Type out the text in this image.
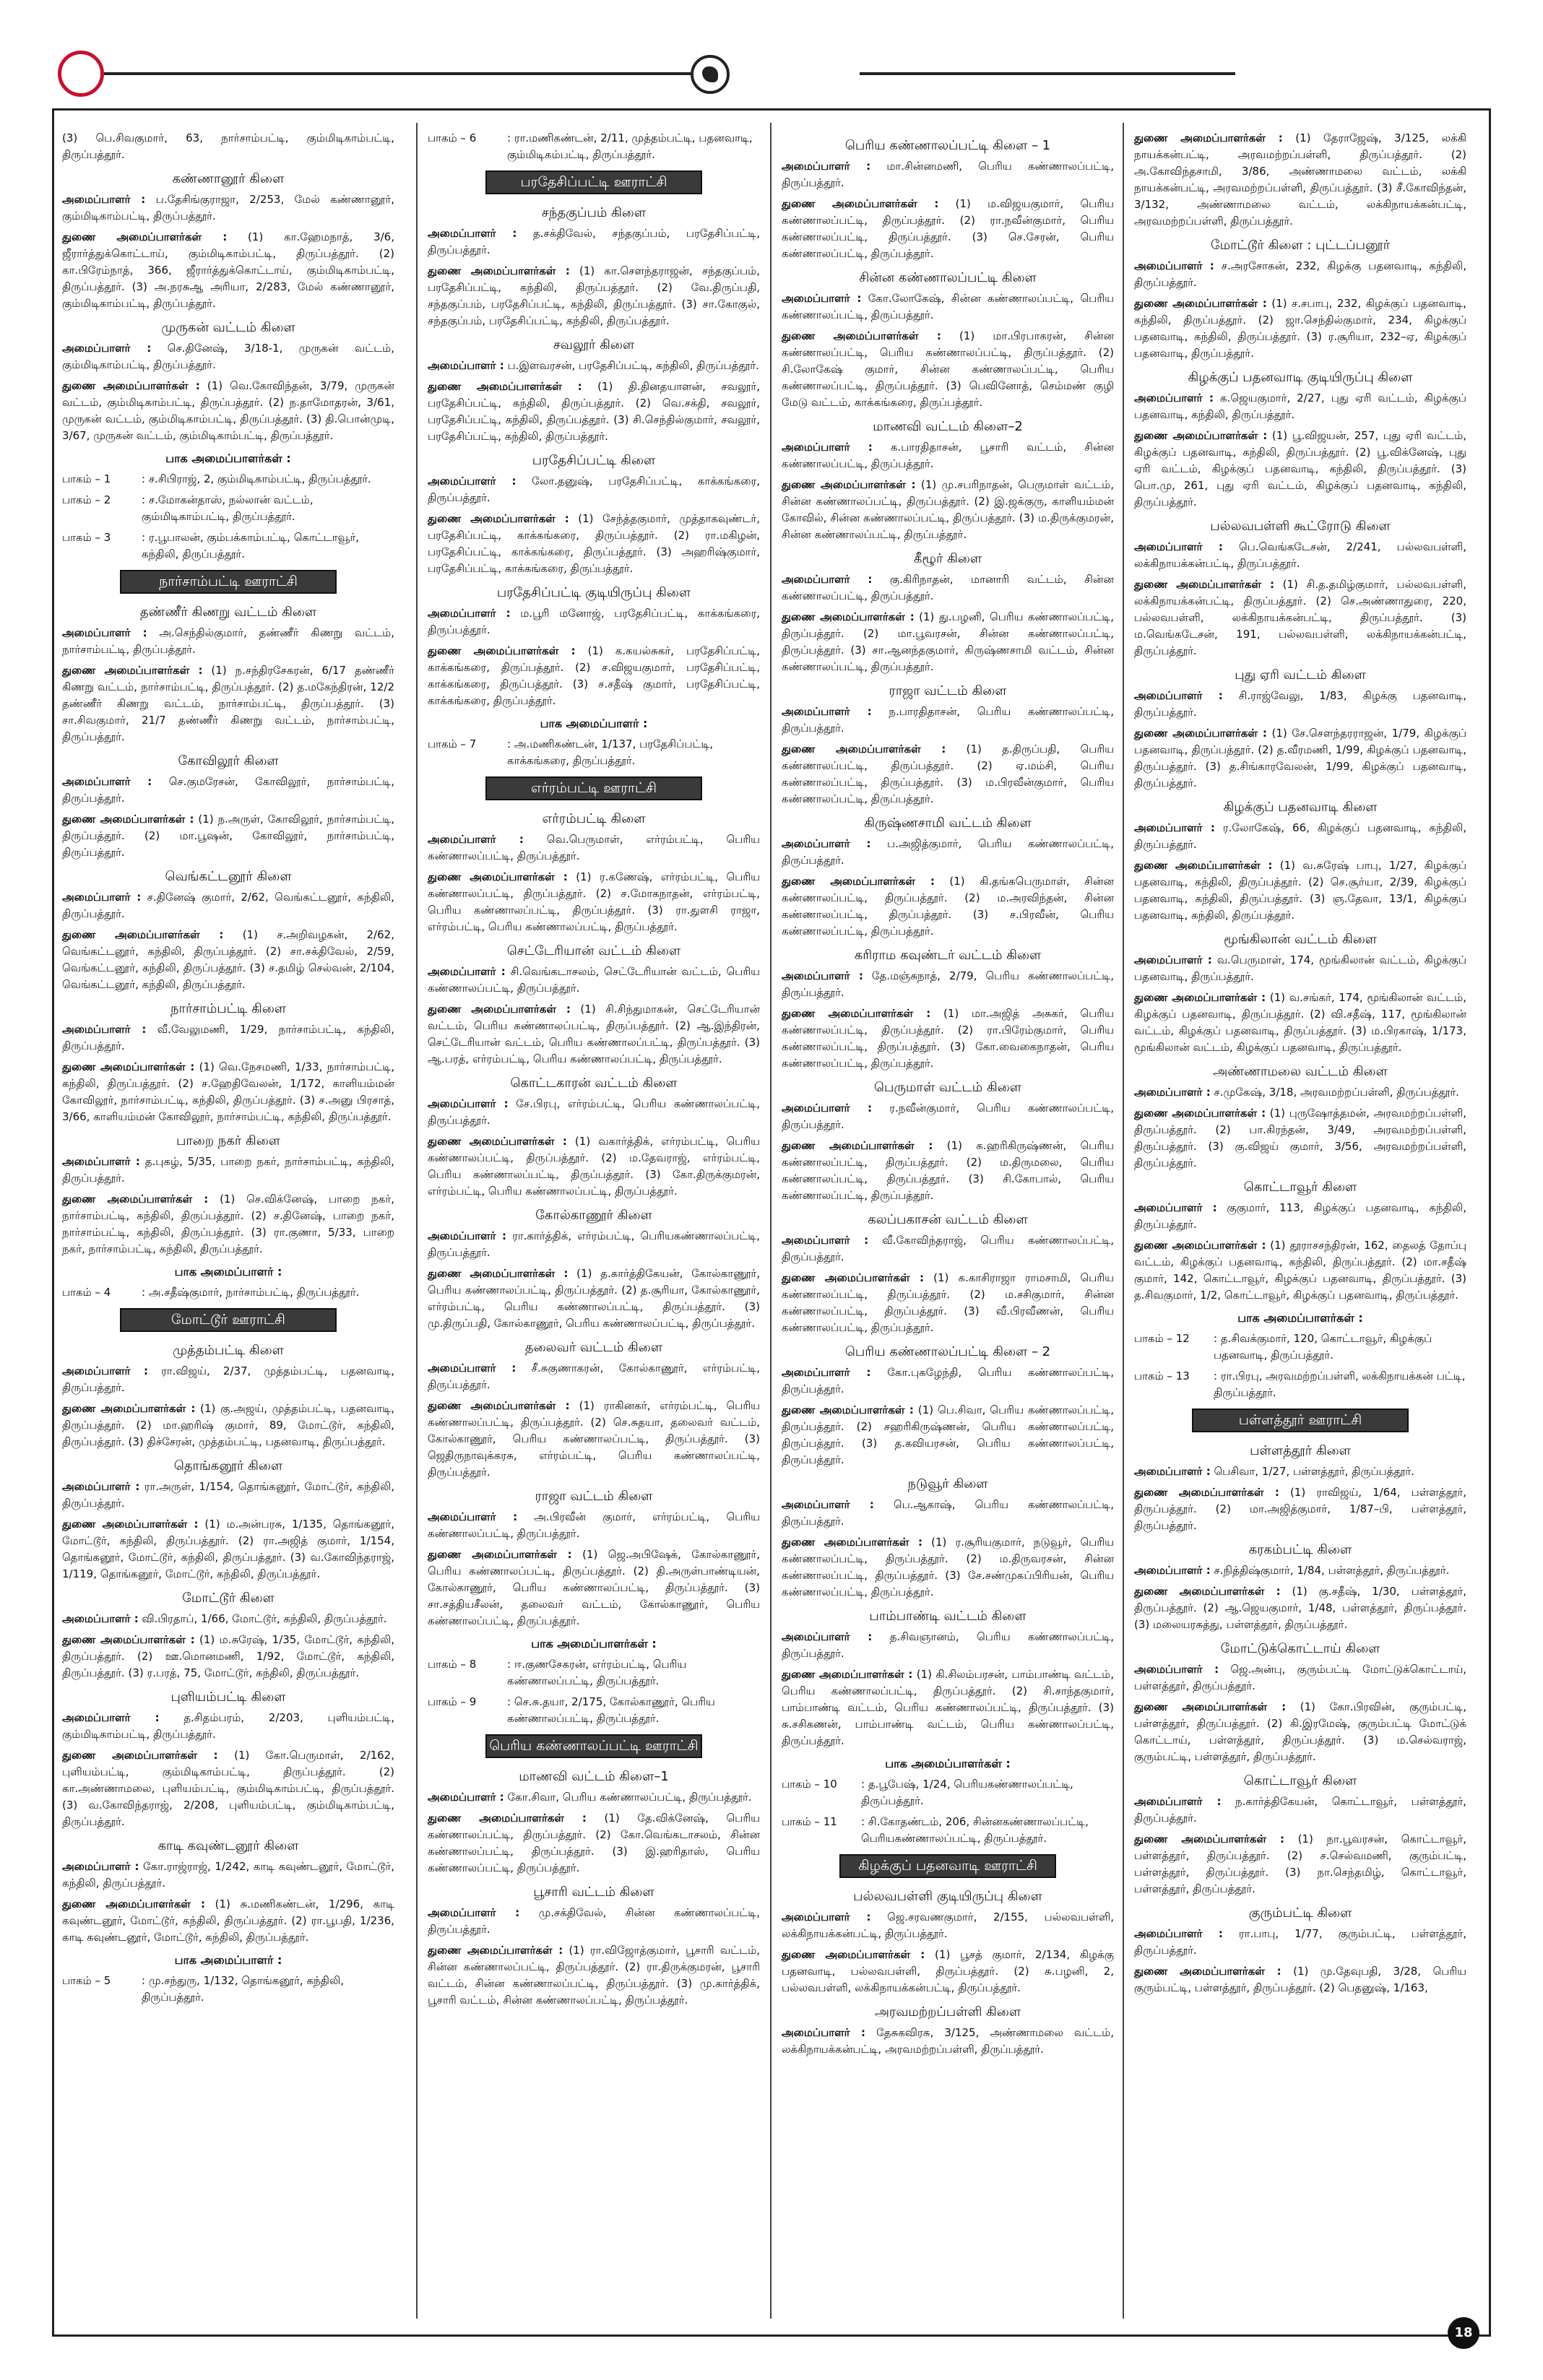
(3) பெ.சிவகுமார், 63, நார்சாம்பட்டி, கும்மிடிகாம்பட்டி, திருப்பத்தூர்.

கண்ணானூர் கிளை

அமைப்பாளர் : ப.தேசிங்குராஜா, 2/253, மேல் கண்ணானூர், கும்மிடிகாம்பட்டி, திருப்பத்தூர்.

துணை அமைப்பாளர்கள் : (1) கா.ஹேமநாத், 3/6, ஜீரார்த்துக்கொட்டாய், கும்மிடிகாம்பட்டி, திருப்பத்தூர். (2) கா.பிரேம்நாத், 366, ஜீரார்த்துக்கொட்டாய், கும்மிடிகாம்பட்டி, திருப்பத்தூர். (3) அ.நரசுஆ அரியா, 2/283, மேல் கண்ணானூர், கும்மிடிகாம்பட்டி, திருப்பத்தூர்.

முருகன் வட்டம் கிளை

அமைப்பாளர் : செ.தினேஷ், 3/18-1, முருகன் வட்டம், கும்மிடிகாம்பட்டி, திருப்பத்தூர்.

துணை அமைப்பாளர்கள் : (1) வெ.கோவிந்தன், 3/79, முருகன் வட்டம், கும்மிடிகாம்பட்டி, திருப்பத்தூர். (2) ந.தாமோதரன், 3/61, முருகன் வட்டம், கும்மிடிகாம்பட்டி, திருப்பத்தூர். (3) தி.பொன்முடி, 3/67, முருகன் வட்டம், கும்மிடிகாம்பட்டி, திருப்பத்தூர்.

பாக அமைப்பாளர்கள் :
பாகம் – 1	: ச.சிபிராஜ், 2, கும்மிடிகாம்பட்டி, திருப்பத்தூர்.
பாகம் – 2	: ச.மோகன்தாஸ், நல்லான் வட்டம், கும்மிடிகாம்பட்டி, திருப்பத்தூர்.
பாகம் – 3	: ர.பூபாலன், கும்பக்காம்பட்டி, கொட்டாவூர், கந்திலி, திருப்பத்தூர்.
நார்சாம்பட்டி ஊராட்சி
தண்ணீர் கிணறு வட்டம் கிளை

அமைப்பாளர் : அ.செந்தில்குமார், தண்ணீர் கிணறு வட்டம், நார்சாம்பட்டி, திருப்பத்தூர்.

துணை அமைப்பாளர்கள் : (1) ந.சந்திரசேகரன், 6/17 தண்ணீர் கிணறு வட்டம், நார்சாம்பட்டி, திருப்பத்தூர். (2) த.மகேந்திரன், 12/2 தண்ணீர் கிணறு வட்டம், நார்சாம்பட்டி, திருப்பத்தூர். (3) சா.சிவகுமார், 21/7 தண்ணீர் கிணறு வட்டம், நார்சாம்பட்டி, திருப்பத்தூர்.

கோவிலூர் கிளை

அமைப்பாளர் : செ.குமரேசன், கோவிலூர், நார்சாம்பட்டி, திருப்பத்தூர்.

துணை அமைப்பாளர்கள் : (1) ந.அருள், கோவிலூர், நார்சாம்பட்டி, திருப்பத்தூர். (2) மா.பூஷன், கோவிலூர், நார்சாம்பட்டி, திருப்பத்தூர்.

வெங்கட்டனூர் கிளை

அமைப்பாளர் : ச.தினேஷ் குமார், 2/62, வெங்கட்டனூர், கந்திலி, திருப்பத்தூர்.

துணை அமைப்பாளர்கள் : (1) ச.அறிவழகன், 2/62, வெங்கட்டனூர், கந்திலி, திருப்பத்தூர். (2) சா.சக்திவேல், 2/59, வெங்கட்டனூர், கந்திலி, திருப்பத்தூர். (3) ச.தமிழ் செல்வன், 2/104, வெங்கட்டனூர், கந்திலி, திருப்பத்தூர்.

நார்சாம்பட்டி கிளை

அமைப்பாளர் : வீ.வேலுமணி, 1/29, நார்சாம்பட்டி, கந்திலி, திருப்பத்தூர்.

துணை அமைப்பாளர்கள் : (1) வெ.நேசமணி, 1/33, நார்சாம்பட்டி, கந்திலி, திருப்பத்தூர். (2) ச.ஹேதிவேலன், 1/172, காளியம்மன் கோவிலூர், நார்சாம்பட்டி, கந்திலி, திருப்பத்தூர். (3) ச.அனு பிரசாத், 3/66, காளியம்மன் கோவிலூர், நார்சாம்பட்டி, கந்திலி, திருப்பத்தூர்.

பாறை நகர் கிளை

அமைப்பாளர் : த.புகழ், 5/35, பாறை நகர், நார்சாம்பட்டி, கந்திலி, திருப்பத்தூர்.

துணை அமைப்பாளர்கள் : (1) செ.விக்னேஷ், பாறை நகர், நார்சாம்பட்டி, கந்திலி, திருப்பத்தூர். (2) ச.தினேஷ், பாறை நகர், நார்சாம்பட்டி, கந்திலி, திருப்பத்தூர். (3) ரா.குணா, 5/33, பாறை நகர், நார்சாம்பட்டி, கந்திலி, திருப்பத்தூர்.

பாக அமைப்பாளர் :
பாகம் – 4	: அ.சதீஷ்குமார், நார்சாம்பட்டி, திருப்பத்தூர்.
மோட்டூர் ஊராட்சி
முத்தம்பட்டி கிளை

அமைப்பாளர் : ரா.விஜய், 2/37, முத்தம்பட்டி, பதனவாடி, திருப்பத்தூர்.

துணை அமைப்பாளர்கள் : (1) கு.அஜய், முத்தம்பட்டி, பதனவாடி, திருப்பத்தூர். (2) மா.ஹரிஷ் குமார், 89, மோட்டூர், கந்திலி, திருப்பத்தூர். (3) திச்சேரன், முத்தம்பட்டி, பதனவாடி, திருப்பத்தூர்.

தொங்கனூர் கிளை

அமைப்பாளர் : ரா.அருள், 1/154, தொங்கனூர், மோட்டூர், கந்திலி, திருப்பத்தூர்.

துணை அமைப்பாளர்கள் : (1) ம.அன்பரசு, 1/135, தொங்கனூர், மோட்டூர், கந்திலி, திருப்பத்தூர். (2) ரா.அஜித் குமார், 1/154, தொங்கனூர், மோட்டூர், கந்திலி, திருப்பத்தூர். (3) வ.கோவிந்தராஜ், 1/119, தொங்கனூர், மோட்டூர், கந்திலி, திருப்பத்தூர்.

மோட்டூர் கிளை

அமைப்பாளர் : வி.பிரதாப், 1/66, மோட்டூர், கந்திலி, திருப்பத்தூர்.

துணை அமைப்பாளர்கள் : (1) ம.சுரேஷ், 1/35, மோட்டூர், கந்திலி, திருப்பத்தூர். (2) ஊ.மொனமணி, 1/92, மோட்டூர், கந்திலி, திருப்பத்தூர். (3) ர.பரத், 75, மோட்டூர், கந்திலி, திருப்பத்தூர்.

புளியம்பட்டி கிளை

அமைப்பாளர் : த.சிதம்பரம், 2/203, புளியம்பட்டி, கும்மிடிகாம்பட்டி, திருப்பத்தூர்.

துணை அமைப்பாளர்கள் : (1) கோ.பெருமாள், 2/162, புளியம்பட்டி, கும்மிடிகாம்பட்டி, திருப்பத்தூர். (2) கா.அண்ணாமலை, புளியம்பட்டி, கும்மிடிகாம்பட்டி, திருப்பத்தூர். (3) வ.கோவிந்தராஜ், 2/208, புளியம்பட்டி, கும்மிடிகாம்பட்டி, திருப்பத்தூர்.

காடி கவுண்டனூர் கிளை

அமைப்பாளர் : கோ.ராஜ்ராஜ், 1/242, காடி கவுண்டனூர், மோட்டூர், கந்திலி, திருப்பத்தூர்.

துணை அமைப்பாளர்கள் : (1) சு.மணிகண்டன், 1/296, காடி கவுண்டனூர், மோட்டூர், கந்திலி, திருப்பத்தூர். (2) ரா.பூபதி, 1/236, காடி கவுண்டனூர், மோட்டூர், கந்திலி, திருப்பத்தூர்.

பாக அமைப்பாளர் :
பாகம் – 5	: மு.சந்துரு, 1/132, தொங்கனூர், கந்திலி, திருப்பத்தூர்.
பாகம் – 6	: ரா.மணிகண்டன், 2/11, முத்தம்பட்டி, பதனவாடி, கும்மிடிகம்பட்டி, திருப்பத்தூர்.
பரதேசிப்பட்டி ஊராட்சி
சந்தகுப்பம் கிளை

அமைப்பாளர் : த.சக்திவேல், சந்தகுப்பம், பரதேசிப்பட்டி, திருப்பத்தூர்.

துணை அமைப்பாளர்கள் : (1) கா.சௌந்தராஜன், சந்தகுப்பம், பரதேசிப்பட்டி, கந்திலி, திருப்பத்தூர். (2) வே.திருப்பதி, சந்தகுப்பம், பரதேசிப்பட்டி, கந்திலி, திருப்பத்தூர். (3) சா.கோகுல், சந்தகுப்பம், பரதேசிப்பட்டி, கந்திலி, திருப்பத்தூர்.

சவலூர் கிளை

அமைப்பாளர் : ப.இளவரசன், பரதேசிப்பட்டி, கந்திலி, திருப்பத்தூர்.

துணை அமைப்பாளர்கள் : (1) தி.தினதயாளன், சவலூர், பரதேசிப்பட்டி, கந்திலி, திருப்பத்தூர். (2) வெ.சக்தி, சவலூர், பரதேசிப்பட்டி, கந்திலி, திருப்பத்தூர். (3) சி.செந்தில்குமார், சவலூர், பரதேசிப்பட்டி, கந்திலி, திருப்பத்தூர்.

பரதேசிப்பட்டி கிளை

அமைப்பாளர் : லோ.தனுஷ், பரதேசிப்பட்டி, காக்கங்கரை, திருப்பத்தூர்.

துணை அமைப்பாளர்கள் : (1) சேந்த்தகுமார், முத்தாகவுண்டர், பரதேசிப்பட்டி, காக்கங்கரை, திருப்பத்தூர். (2) ரா.மகிழன், பரதேசிப்பட்டி, காக்கங்கரை, திருப்பத்தூர். (3) அஹரிஷ்குமார், பரதேசிப்பட்டி, காக்கங்கரை, திருப்பத்தூர்.

பரதேசிப்பட்டி குடியிருப்பு கிளை

அமைப்பாளர் : ம.பூரி மனோஜ், பரதேசிப்பட்டி, காக்கங்கரை, திருப்பத்தூர்.

துணை அமைப்பாளர்கள் : (1) க.கயல்சுகர், பரதேசிப்பட்டி, காக்கங்கரை, திருப்பத்தூர். (2) ச.விஜயகுமார், பரதேசிப்பட்டி, காக்கங்கரை, திருப்பத்தூர். (3) ச.சதீஷ் குமார், பரதேசிப்பட்டி, காக்கங்கரை, திருப்பத்தூர்.

பாக அமைப்பாளர் :
பாகம் – 7	: அ.மணிகண்டன், 1/137, பரதேசிப்பட்டி, காக்கங்கரை, திருப்பத்தூர்.
எர்ரம்பட்டி ஊராட்சி
எர்ரம்பட்டி கிளை

அமைப்பாளர் : வெ.பெருமாள், எர்ரம்பட்டி, பெரிய கண்ணாலப்பட்டி, திருப்பத்தூர்.

துணை அமைப்பாளர்கள் : (1) ர.கணேஷ், எர்ரம்பட்டி, பெரிய கண்ணாலப்பட்டி, திருப்பத்தூர். (2) ச.மோகநாதன், எர்ரம்பட்டி, பெரிய கண்ணாலப்பட்டி, திருப்பத்தூர். (3) ரா.துளசி ராஜா, எர்ரம்பட்டி, பெரிய கண்ணாலப்பட்டி, திருப்பத்தூர்.

செட்டேரியான் வட்டம் கிளை

அமைப்பாளர் : சி.வெங்கடாசலம், செட்டேரியான் வட்டம், பெரிய கண்ணாலப்பட்டி, திருப்பத்தூர்.

துணை அமைப்பாளர்கள் : (1) சி.சிந்துமாகன், செட்டேரியான் வட்டம், பெரிய கண்ணாலப்பட்டி, திருப்பத்தூர். (2) ஆ.இந்திரன், செட்டேரியான் வட்டம், பெரிய கண்ணாலப்பட்டி, திருப்பத்தூர். (3) ஆ.பரத், எர்ரம்பட்டி, பெரிய கண்ணாலப்பட்டி, திருப்பத்தூர்.

கொட்டகாரன் வட்டம் கிளை

அமைப்பாளர் : சே.பிரபு, எர்ரம்பட்டி, பெரிய கண்ணாலப்பட்டி, திருப்பத்தூர்.

துணை அமைப்பாளர்கள் : (1) வகார்த்திக், எர்ரம்பட்டி, பெரிய கண்ணாலப்பட்டி, திருப்பத்தூர். (2) ம.தேவராஜ், எர்ரம்பட்டி, பெரிய கண்ணாலப்பட்டி, திருப்பத்தூர். (3) கோ.திருக்குமரன், எர்ரம்பட்டி, பெரிய கண்ணாலப்பட்டி, திருப்பத்தூர்.

கோல்காணூர் கிளை

அமைப்பாளர் : ரா.கார்த்திக், எர்ரம்பட்டி, பெரியகண்ணாலப்பட்டி, திருப்பத்தூர்.

துணை அமைப்பாளர்கள் : (1) த.கார்த்திகேயன், கோல்காணூர், பெரிய கண்ணாலப்பட்டி, திருப்பத்தூர். (2) த.சூரியா, கோல்காணூர், எர்ரம்பட்டி, பெரிய கண்ணாலப்பட்டி, திருப்பத்தூர். (3) மு.திருப்பதி, கோல்காணூர், பெரிய கண்ணாலப்பட்டி, திருப்பத்தூர்.

தலைவர் வட்டம் கிளை

அமைப்பாளர் : சீ.சுகுணாகரன், கோல்காணூர், எர்ரம்பட்டி, திருப்பத்தூர்.

துணை அமைப்பாளர்கள் : (1) ராகினகர், எர்ரம்பட்டி, பெரிய கண்ணாலப்பட்டி, திருப்பத்தூர். (2) செ.சுதயா, தலைவர் வட்டம், கோல்காணூர், பெரிய கண்ணாலப்பட்டி, திருப்பத்தூர். (3) ஜெதிருநாவுக்கரசு, எர்ரம்பட்டி, பெரிய கண்ணாலப்பட்டி, திருப்பத்தூர்.

ராஜா வட்டம் கிளை

அமைப்பாளர் : அ.பிரவீன் குமார், எர்ரம்பட்டி, பெரிய கண்ணாலப்பட்டி, திருப்பத்தூர்.

துணை அமைப்பாளர்கள் : (1) ஜெ.அபிஷேக், கோல்காணூர், பெரிய கண்ணாலப்பட்டி, திருப்பத்தூர். (2) தி.அருள்பாண்டியன், கோல்காணூர், பெரிய கண்ணாலப்பட்டி, திருப்பத்தூர். (3) சா.சத்தியசீலன், தலைவர் வட்டம், கோல்காணூர், பெரிய கண்ணாலப்பட்டி, திருப்பத்தூர்.

பாக அமைப்பாளர்கள் :
பாகம் – 8	: ஈ.குணசேகரன், எர்ரம்பட்டி, பெரிய கண்ணாலப்பட்டி, திருப்பத்தூர்.
பாகம் – 9	: செ.சு.தயா, 2/175, கோல்காணூர், பெரிய கண்ணாலப்பட்டி, திருப்பத்தூர்.
பெரிய கண்ணாலப்பட்டி ஊராட்சி
மாணவி வட்டம் கிளை–1

அமைப்பாளர் : கோ.சிவா, பெரிய கண்ணாலப்பட்டி, திருப்பத்தூர்.

துணை அமைப்பாளர்கள் : (1) தே.விக்னேஷ், பெரிய கண்ணாலப்பட்டி, திருப்பத்தூர். (2) கோ.வெங்கடாசலம், சின்ன கண்ணாலப்பட்டி, திருப்பத்தூர். (3) இ.ஹரிதாஸ், பெரிய கண்ணாலப்பட்டி, திருப்பத்தூர்.

பூசாரி வட்டம் கிளை

அமைப்பாளர் : மு.சக்திவேல், சின்ன கண்ணாலப்பட்டி, திருப்பத்தூர்.

துணை அமைப்பாளர்கள் : (1) ரா.விஜோத்குமார், பூசாரி வட்டம், சின்ன கண்ணாலப்பட்டி, திருப்பத்தூர். (2) ரா.திருக்குமரன், பூசாரி வட்டம், சின்ன கண்ணாலப்பட்டி, திருப்பத்தூர். (3) மு.கார்த்திக், பூசாரி வட்டம், சின்ன கண்ணாலப்பட்டி, திருப்பத்தூர்.

பெரிய கண்ணாலப்பட்டி கிளை – 1

அமைப்பாளர் : மா.சின்னமணி, பெரிய கண்ணாலப்பட்டி, திருப்பத்தூர்.

துணை அமைப்பாளர்கள் : (1) ம.விஜயகுமார், பெரிய கண்ணாலப்பட்டி, திருப்பத்தூர். (2) ரா.நவீன்குமார், பெரிய கண்ணாலப்பட்டி, திருப்பத்தூர். (3) செ.சேரன், பெரிய கண்ணாலப்பட்டி, திருப்பத்தூர்.

சின்ன கண்ணாலப்பட்டி கிளை

அமைப்பாளர் : கோ.லோகேஷ், சின்ன கண்ணாலப்பட்டி, பெரிய கண்ணாலப்பட்டி, திருப்பத்தூர்.

துணை அமைப்பாளர்கள் : (1) மா.பிரபாகரன், சின்ன கண்ணாலப்பட்டி, பெரிய கண்ணாலப்பட்டி, திருப்பத்தூர். (2) சி.லோகேஷ் குமார், சின்ன கண்ணாலப்பட்டி, பெரிய கண்ணாலப்பட்டி, திருப்பத்தூர். (3) பெவினோத், செம்மண் குழி மேடு வட்டம், காக்கங்கரை, திருப்பத்தூர்.

மாணவி வட்டம் கிளை–2

அமைப்பாளர் : க.பாரதிதாசன், பூசாரி வட்டம், சின்ன கண்ணாலப்பட்டி, திருப்பத்தூர்.

துணை அமைப்பாளர்கள் : (1) மு.சபரிநாதன், பெருமாள் வட்டம், சின்ன கண்ணாலப்பட்டி, திருப்பத்தூர். (2) இ.ஜக்குரு, காளியம்மன் கோவில், சின்ன கண்ணாலப்பட்டி, திருப்பத்தூர். (3) ம.திருக்குமரன், சின்ன கண்ணாலப்பட்டி, திருப்பத்தூர்.

கீழூர் கிளை

அமைப்பாளர் : கு.கிரிநாதன், மானாரி வட்டம், சின்ன கண்ணாலப்பட்டி, திருப்பத்தூர்.

துணை அமைப்பாளர்கள் : (1) து.பழனி, பெரிய கண்ணாலப்பட்டி, திருப்பத்தூர். (2) மா.பூவரசன், சின்ன கண்ணாலப்பட்டி, திருப்பத்தூர். (3) சா.ஆனந்தகுமார், கிருஷ்ணசாமி வட்டம், சின்ன கண்ணாலப்பட்டி, திருப்பத்தூர்.

ராஜா வட்டம் கிளை

அமைப்பாளர் : ந.பாரதிதாசன், பெரிய கண்ணாலப்பட்டி, திருப்பத்தூர்.

துணை அமைப்பாளர்கள் : (1) த.திருப்பதி, பெரிய கண்ணாலப்பட்டி, திருப்பத்தூர். (2) ஏ.மம்சி, பெரிய கண்ணாலப்பட்டி, திருப்பத்தூர். (3) ம.பிரவீன்குமார், பெரிய கண்ணாலப்பட்டி, திருப்பத்தூர்.

கிருஷ்ணசாமி வட்டம் கிளை

அமைப்பாளர் : ப.அஜித்குமார், பெரிய கண்ணாலப்பட்டி, திருப்பத்தூர்.

துணை அமைப்பாளர்கள் : (1) கி.தங்கபெருமாள், சின்ன கண்ணாலப்பட்டி, திருப்பத்தூர். (2) ம.அரவிந்தன், சின்ன கண்ணாலப்பட்டி, திருப்பத்தூர். (3) ச.பிரவீன், பெரிய கண்ணாலப்பட்டி, திருப்பத்தூர்.

கரிராம கவுண்டர் வட்டம் கிளை

அமைப்பாளர் : தே.மஞ்சுநாத், 2/79, பெரிய கண்ணாலப்பட்டி, திருப்பத்தூர்.

துணை அமைப்பாளர்கள் : (1) மா.அஜித் அசுகர், பெரிய கண்ணாலப்பட்டி, திருப்பத்தூர். (2) ரா.பிரேம்குமார், பெரிய கண்ணாலப்பட்டி, திருப்பத்தூர். (3) கோ.வைகைநாதன், பெரிய கண்ணாலப்பட்டி, திருப்பத்தூர்.

பெருமாள் வட்டம் கிளை

அமைப்பாளர் : ர.நவீன்குமார், பெரிய கண்ணாலப்பட்டி, திருப்பத்தூர்.

துணை அமைப்பாளர்கள் : (1) க.ஹரிகிருஷ்ணன், பெரிய கண்ணாலப்பட்டி, திருப்பத்தூர். (2) ம.திருமலை, பெரிய கண்ணாலப்பட்டி, திருப்பத்தூர். (3) சி.கோபால், பெரிய கண்ணாலப்பட்டி, திருப்பத்தூர்.

கலப்பகாசன் வட்டம் கிளை

அமைப்பாளர் : வீ.கோவிந்தராஜ், பெரிய கண்ணாலப்பட்டி, திருப்பத்தூர்.

துணை அமைப்பாளர்கள் : (1) க.காசிராஜா ராமசாமி, பெரிய கண்ணாலப்பட்டி, திருப்பத்தூர். (2) ம.சசிகுமார், சின்ன கண்ணாலப்பட்டி, திருப்பத்தூர். (3) வீ.பிரவீணன், பெரிய கண்ணாலப்பட்டி, திருப்பத்தூர்.

பெரிய கண்ணாலப்பட்டி கிளை – 2

அமைப்பாளர் : கோ.புகழேந்தி, பெரிய கண்ணாலப்பட்டி, திருப்பத்தூர்.

துணை அமைப்பாளர்கள் : (1) பெ.சிவா, பெரிய கண்ணாலப்பட்டி, திருப்பத்தூர். (2) சஹரிகிருஷ்ணன், பெரிய கண்ணாலப்பட்டி, திருப்பத்தூர். (3) த.கவியரசன், பெரிய கண்ணாலப்பட்டி, திருப்பத்தூர்.

நடுவூர் கிளை

அமைப்பாளர் : பெ.ஆகாஷ், பெரிய கண்ணாலப்பட்டி, திருப்பத்தூர்.

துணை அமைப்பாளர்கள் : (1) ர.சூரியகுமார், நடுவூர், பெரிய கண்ணாலப்பட்டி, திருப்பத்தூர். (2) ம.திருவரசன், சின்ன கண்ணாலப்பட்டி, திருப்பத்தூர். (3) சே.சண்முகப்பிரியன், பெரிய கண்ணாலப்பட்டி, திருப்பத்தூர்.

பாம்பாண்டி வட்டம் கிளை

அமைப்பாளர் : த.சிவஞானம், பெரிய கண்ணாலப்பட்டி, திருப்பத்தூர்.

துணை அமைப்பாளர்கள் : (1) கி.சிலம்பரசன், பாம்பாண்டி வட்டம், பெரிய கண்ணாலப்பட்டி, திருப்பத்தூர். (2) சி.சாந்தகுமார், பாம்பாண்டி வட்டம், பெரிய கண்ணாலப்பட்டி, திருப்பத்தூர். (3) சு.சசிகணன், பாம்பாண்டி வட்டம், பெரிய கண்ணாலப்பட்டி, திருப்பத்தூர்.

பாக அமைப்பாளர்கள் :
பாகம் – 10	: த.பூபேஷ், 1/24, பெரியகண்ணாலப்பட்டி, திருப்பத்தூர்.
பாகம் – 11	: சி.கோதண்டம், 206, சின்னகண்ணாலப்பட்டி, பெரியகண்ணாலப்பட்டி, திருப்பத்தூர்.
கிழக்குப் பதனவாடி ஊராட்சி
பல்லவபள்ளி குடியிருப்பு கிளை

அமைப்பாளர் : ஜெ.சரவணகுமார், 2/155, பல்லவபள்ளி, லக்கிநாயக்கன்பட்டி, திருப்பத்தூர்.

துணை அமைப்பாளர்கள் : (1) பூசத் குமார், 2/134, கிழக்கு பதனவாடி, பல்லவபள்ளி, திருப்பத்தூர். (2) சு.பழனி, 2, பல்லவபள்ளி, லக்கிநாயக்கன்பட்டி, திருப்பத்தூர்.

அரவமற்றப்பள்ளி கிளை

அமைப்பாளர் : தேசுகவிரசு, 3/125, அண்ணாமலை வட்டம், லக்கிநாயக்கன்பட்டி, அரவமற்றப்பள்ளி, திருப்பத்தூர்.

துணை அமைப்பாளர்கள் : (1) தேராஜேஷ், 3/125, லக்கி நாயக்கன்பட்டி, அரவமற்றப்பள்ளி, திருப்பத்தூர். (2) அ.கோவிந்தசாமி, 3/86, அண்ணாமலை வட்டம், லக்கி நாயக்கன்பட்டி, அரவமற்றப்பள்ளி, திருப்பத்தூர். (3) சீ.கோவிந்தன், 3/132, அண்ணாமலை வட்டம், லக்கிநாயக்கன்பட்டி, அரவமற்றப்பள்ளி, திருப்பத்தூர்.

மோட்டூர் கிளை : புட்டப்பனூர்

அமைப்பாளர் : ச.அரசோகன், 232, கிழக்கு பதனவாடி, கந்திலி, திருப்பத்தூர்.

துணை அமைப்பாளர்கள் : (1) ச.சபாபு, 232, கிழக்குப் பதனவாடி, கந்திலி, திருப்பத்தூர். (2) ஜா.செந்தில்குமார், 234, கிழக்குப் பதனவாடி, கந்திலி, திருப்பத்தூர். (3) ர.சூரியா, 232–ஏ, கிழக்குப் பதனவாடி, திருப்பத்தூர்.

கிழக்குப் பதனவாடி குடியிருப்பு கிளை

அமைப்பாளர் : க.ஜெயகுமார், 2/27, புது ஏரி வட்டம், கிழக்குப் பதனவாடி, கந்திலி, திருப்பத்தூர்.

துணை அமைப்பாளர்கள் : (1) பூ.விஜயன், 257, புது ஏரி வட்டம், கிழக்குப் பதனவாடி, கந்திலி, திருப்பத்தூர். (2) பூ.விக்னேஷ், புது ஏரி வட்டம், கிழக்குப் பதனவாடி, கந்திலி, திருப்பத்தூர். (3) பொ.மு, 261, புது ஏரி வட்டம், கிழக்குப் பதனவாடி, கந்திலி, திருப்பத்தூர்.

பல்லவபள்ளி கூட்ரோடு கிளை

அமைப்பாளர் : பெ.வெங்கடேசன், 2/241, பல்லவபள்ளி, லக்கிநாயக்கன்பட்டி, திருப்பத்தூர்.

துணை அமைப்பாளர்கள் : (1) சி.த.தமிழ்குமார், பல்லவபள்ளி, லக்கிநாயக்கன்பட்டி, திருப்பத்தூர். (2) செ.அண்ணாதுரை, 220, பல்லவபள்ளி, லக்கிநாயக்கன்பட்டி, திருப்பத்தூர். (3) ம.வெங்கடேசன், 191, பல்லவபள்ளி, லக்கிநாயக்கன்பட்டி, திருப்பத்தூர்.

புது ஏரி வட்டம் கிளை

அமைப்பாளர் : சி.ராஜ்வேலு, 1/83, கிழக்கு பதனவாடி, திருப்பத்தூர்.

துணை அமைப்பாளர்கள் : (1) சே.சௌந்தரராஜன், 1/79, கிழக்குப் பதனவாடி, திருப்பத்தூர். (2) த.வீரமணி, 1/99, கிழக்குப் பதனவாடி, திருப்பத்தூர். (3) த.சிங்காரவேலன், 1/99, கிழக்குப் பதனவாடி, திருப்பத்தூர்.

கிழக்குப் பதனவாடி கிளை

அமைப்பாளர் : ர.லோகேஷ், 66, கிழக்குப் பதனவாடி, கந்திலி, திருப்பத்தூர்.

துணை அமைப்பாளர்கள் : (1) வ.சுரேஷ் பாபு, 1/27, கிழக்குப் பதனவாடி, கந்திலி, திருப்பத்தூர். (2) செ.சூர்யா, 2/39, கிழக்குப் பதனவாடி, கந்திலி, திருப்பத்தூர். (3) ஞ.தேவா, 13/1, கிழக்குப் பதனவாடி, கந்திலி, திருப்பத்தூர்.

மூங்கிலான் வட்டம் கிளை

அமைப்பாளர் : வ.பெருமாள், 174, மூங்கிலான் வட்டம், கிழக்குப் பதனவாடி, திருப்பத்தூர்.

துணை அமைப்பாளர்கள் : (1) வ.சங்கர், 174, மூங்கிலான் வட்டம், கிழக்குப் பதனவாடி, திருப்பத்தூர். (2) வி.சதீஷ், 117, மூங்கிலான் வட்டம், கிழக்குப் பதனவாடி, திருப்பத்தூர். (3) ம.பிரகாஷ், 1/173, மூங்கிலான் வட்டம், கிழக்குப் பதனவாடி, திருப்பத்தூர்.

அண்ணாமலை வட்டம் கிளை

அமைப்பாளர் : ச.முகேஷ், 3/18, அரவமற்றப்பள்ளி, திருப்பத்தூர்.

துணை அமைப்பாளர்கள் : (1) புருஷோத்தமன், அரவமற்றப்பள்ளி, திருப்பத்தூர். (2) பா.கிரந்தன், 3/49, அரவமற்றப்பள்ளி, திருப்பத்தூர். (3) கு.விஜய் குமார், 3/56, அரவமற்றப்பள்ளி, திருப்பத்தூர்.

கொட்டாவூர் கிளை

அமைப்பாளர் : குகுமார், 113, கிழக்குப் பதனவாடி, கந்திலி, திருப்பத்தூர்.

துணை அமைப்பாளர்கள் : (1) தூராசசந்திரன், 162, தைலத் தோப்பு வட்டம், கிழக்குப் பதனவாடி, கந்திலி, திருப்பத்தூர். (2) மா.சதீஷ் குமார், 142, கொட்டாவூர், கிழக்குப் பதனவாடி, திருப்பத்தூர். (3) த.சிவகுமார், 1/2, கொட்டாவூர், கிழக்குப் பதனவாடி, திருப்பத்தூர்.

பாக அமைப்பாளர்கள் :
பாகம் – 12	: த.சிவக்குமார், 120, கொட்டாவூர், கிழக்குப் பதனவாடி, திருப்பத்தூர்.
பாகம் – 13	: ரா.பிரபு, அரவமற்றப்பள்ளி, லக்கிநாயக்கன் பட்டி, திருப்பத்தூர்.
பள்ளத்தூர் ஊராட்சி
பள்ளத்தூர் கிளை

அமைப்பாளர் : பெசிவா, 1/27, பள்ளத்தூர், திருப்பத்தூர்.

துணை அமைப்பாளர்கள் : (1) ராவிஜய், 1/64, பள்ளத்தூர், திருப்பத்தூர். (2) மா.அஜித்குமார், 1/87–பி, பள்ளத்தூர், திருப்பத்தூர்.

கரகம்பட்டி கிளை

அமைப்பாளர் : ச.நித்திஷ்குமார், 1/84, பள்ளத்தூர், திருப்பத்தூர்.

துணை அமைப்பாளர்கள் : (1) கு.சதீஷ், 1/30, பள்ளத்தூர், திருப்பத்தூர். (2) ஆ.ஜெயகுமார், 1/48, பள்ளத்தூர், திருப்பத்தூர். (3) மலையரசுத்து, பள்ளத்தூர், திருப்பத்தூர்.

மோட்டுக்கொட்டாய் கிளை

அமைப்பாளர் : ஜெ.அன்பு, குரும்பட்டி மோட்டுக்கொட்டாய், பள்ளத்தூர், திருப்பத்தூர்.

துணை அமைப்பாளர்கள் : (1) கோ.பிரவின், குரும்பட்டி, பள்ளத்தூர், திருப்பத்தூர். (2) கி.இரமேஷ், குரும்பட்டி மோட்டுக் கொட்டாய், பள்ளத்தூர், திருப்பத்தூர். (3) ம.செல்வராஜ், குரும்பட்டி, பள்ளத்தூர், திருப்பத்தூர்.

கொட்டாவூர் கிளை

அமைப்பாளர் : ந.கார்த்திகேயன், கொட்டாவூர், பள்ளத்தூர், திருப்பத்தூர்.

துணை அமைப்பாளர்கள் : (1) நா.பூவரசன், கொட்டாவூர், பள்ளத்தூர், திருப்பத்தூர். (2) ச.செல்வமணி, குரும்பட்டி, பள்ளத்தூர், திருப்பத்தூர். (3) நா.செந்தமிழ், கொட்டாவூர், பள்ளத்தூர், திருப்பத்தூர்.

குரும்பட்டி கிளை

அமைப்பாளர் : ரா.பாபு, 1/77, குரும்பட்டி, பள்ளத்தூர், திருப்பத்தூர்.

துணை அமைப்பாளர்கள் : (1) மு.தேவுபதி, 3/28, பெரிய குரும்பட்டி, பள்ளத்தூர், திருப்பத்தூர். (2) பெதனுஷ், 1/163,

18
